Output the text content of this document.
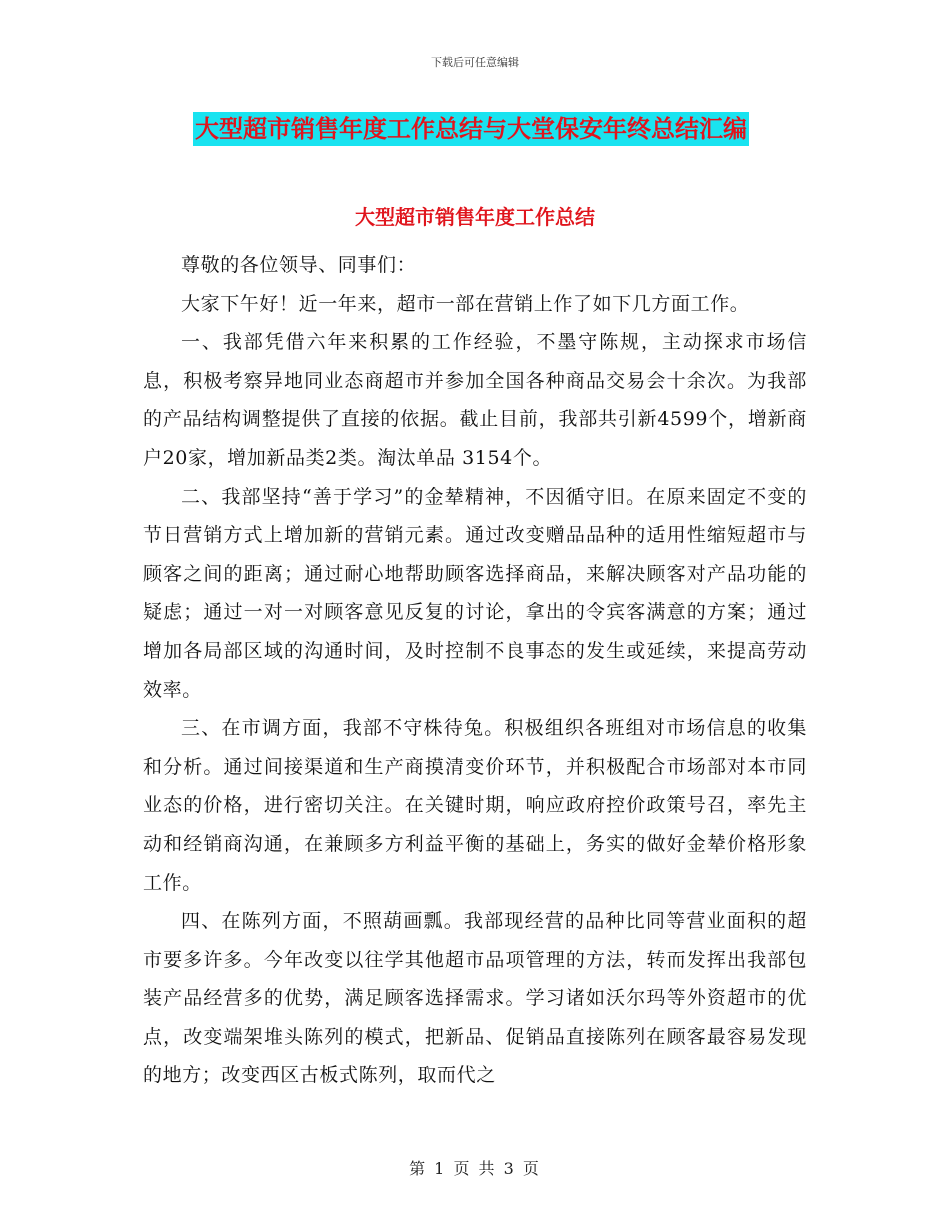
下载后可任意编辑
大型超市销售年度工作总结与大堂保安年终总结汇编
大型超市销售年度工作总结

尊敬的各位领导、同事们：

大家下午好！近一年来，超市一部在营销上作了如下几方面工作。

一、我部凭借六年来积累的工作经验，不墨守陈规，主动探求市场信息，积极考察异地同业态商超市并参加全国各种商品交易会十余次。为我部的产品结构调整提供了直接的依据。截止目前，我部共引新4599个，增新商户20家，增加新品类2类。淘汰单品 3154个。

二、我部坚持“善于学习”的金辇精神，不因循守旧。在原来固定不变的节日营销方式上增加新的营销元素。通过改变赠品品种的适用性缩短超市与顾客之间的距离；通过耐心地帮助顾客选择商品，来解决顾客对产品功能的疑虑；通过一对一对顾客意见反复的讨论，拿出的令宾客满意的方案；通过增加各局部区域的沟通时间，及时控制不良事态的发生或延续，来提高劳动效率。

三、在市调方面，我部不守株待兔。积极组织各班组对市场信息的收集和分析。通过间接渠道和生产商摸清变价环节，并积极配合市场部对本市同业态的价格，进行密切关注。在关键时期，响应政府控价政策号召，率先主动和经销商沟通，在兼顾多方利益平衡的基础上，务实的做好金辇价格形象工作。

四、在陈列方面，不照葫画瓢。我部现经营的品种比同等营业面积的超市要多许多。今年改变以往学其他超市品项管理的方法，转而发挥出我部包装产品经营多的优势，满足顾客选择需求。学习诸如沃尔玛等外资超市的优点，改变端架堆头陈列的模式，把新品、促销品直接陈列在顾客最容易发现的地方；改变西区古板式陈列，取而代之

第 1 页 共 3 页
